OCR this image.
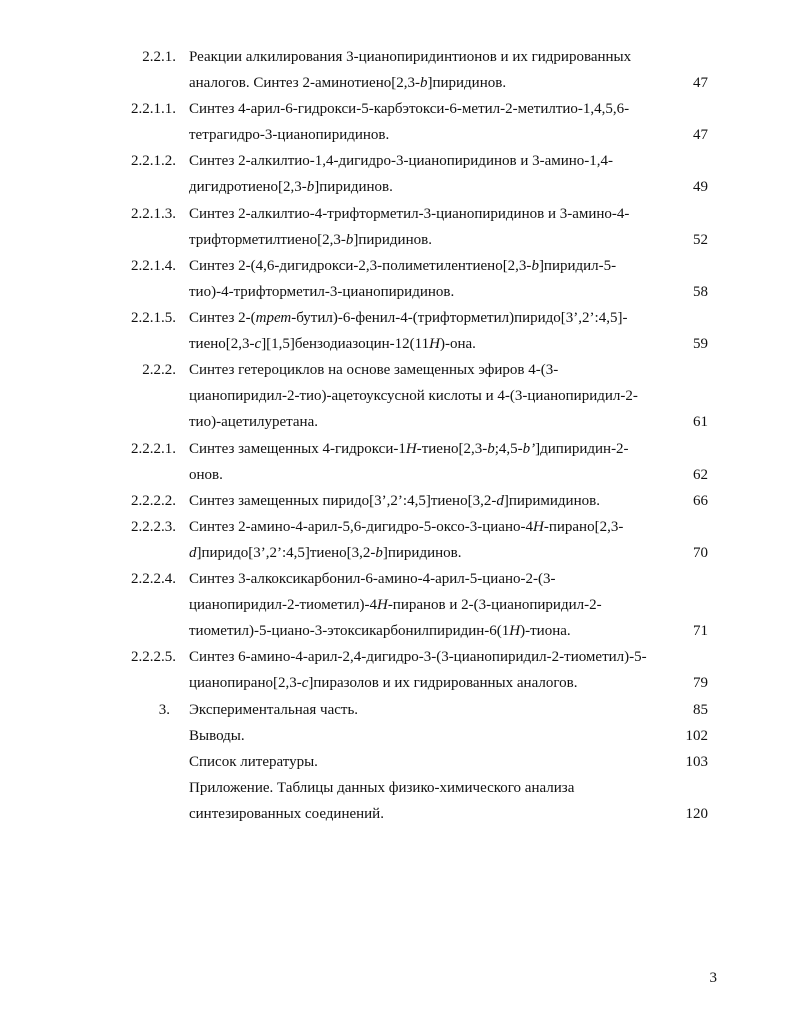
2.2.1. Реакции алкилирования 3-цианопиридинтионов и их гидрированных
аналогов. Синтез 2-аминотиено[2,3-b]пиридинов.	47
2.2.1.1. Синтез 4-арил-6-гидрокси-5-карбэтокси-6-метил-2-метилтио-1,4,5,6-
тетрагидро-3-цианопиридинов.	47
2.2.1.2. Синтез 2-алкилтио-1,4-дигидро-3-цианопиридинов и 3-амино-1,4-
дигидротиено[2,3-b]пиридинов.	49
2.2.1.3. Синтез 2-алкилтио-4-трифторметил-3-цианопиридинов и 3-амино-4-
трифторметилтиено[2,3-b]пиридинов.	52
2.2.1.4. Синтез 2-(4,6-дигидрокси-2,3-полиметилентиено[2,3-b]пиридил-5-
тио)-4-трифторметил-3-цианопиридинов.	58
2.2.1.5. Синтез 2-(трет-бутил)-6-фенил-4-(трифторметил)пиридо[3’,2’:4,5]-
тиено[2,3-c][1,5]бензодиазоцин-12(11H)-она.	59
2.2.2. Синтез гетероциклов на основе замещенных эфиров 4-(3-
цианопиридил-2-тио)-ацетоуксусной кислоты и 4-(3-цианопиридил-2-
тио)-ацетилуретана.	61
2.2.2.1. Синтез замещенных 4-гидрокси-1H-тиено[2,3-b;4,5-b’]дипиридин-2-
онов.	62
2.2.2.2. Синтез замещенных пиридо[3’,2’:4,5]тиено[3,2-d]пиримидинов.	66
2.2.2.3. Синтез 2-амино-4-арил-5,6-дигидро-5-оксо-3-циано-4H-пирано[2,3-
d]пиридо[3’,2’:4,5]тиено[3,2-b]пиридинов.	70
2.2.2.4. Синтез 3-алкоксикарбонил-6-амино-4-арил-5-циано-2-(3-
цианопиридил-2-тиометил)-4H-пиранов и 2-(3-цианопиридил-2-
тиометил)-5-циано-3-этоксикарбонилпиридин-6(1H)-тиона.	71
2.2.2.5. Синтез 6-амино-4-арил-2,4-дигидро-3-(3-цианопиридил-2-тиометил)-5-
цианопирано[2,3-c]пиразолов и их гидрированных аналогов.	79
3. Экспериментальная часть.	85
Выводы.	102
Список литературы.	103
Приложение. Таблицы данных физико-химического анализа
синтезированных соединений.	120
3
